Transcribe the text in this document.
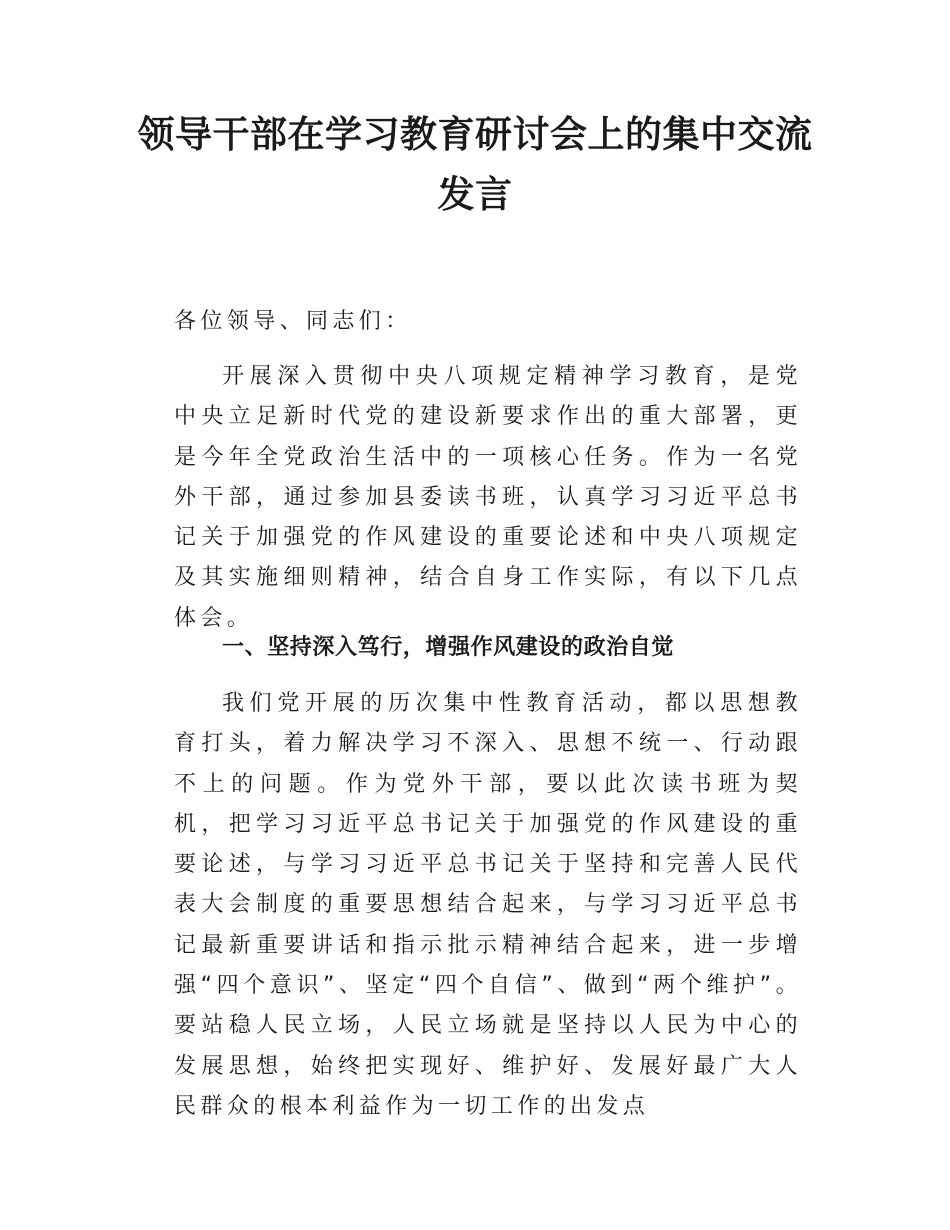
领导干部在学习教育研讨会上的集中交流发言

各位领导、同志们：

开展深入贯彻中央八项规定精神学习教育，是党中央立足新时代党的建设新要求作出的重大部署，更是今年全党政治生活中的一项核心任务。作为一名党外干部，通过参加县委读书班，认真学习习近平总书记关于加强党的作风建设的重要论述和中央八项规定及其实施细则精神，结合自身工作实际，有以下几点体会。

一、坚持深入笃行，增强作风建设的政治自觉

我们党开展的历次集中性教育活动，都以思想教育打头，着力解决学习不深入、思想不统一、行动跟不上的问题。作为党外干部，要以此次读书班为契机，把学习习近平总书记关于加强党的作风建设的重要论述，与学习习近平总书记关于坚持和完善人民代表大会制度的重要思想结合起来，与学习习近平总书记最新重要讲话和指示批示精神结合起来，进一步增强“四个意识”、坚定“四个自信”、做到“两个维护”。要站稳人民立场，人民立场就是坚持以人民为中心的发展思想，始终把实现好、维护好、发展好最广大人民群众的根本利益作为一切工作的出发点
